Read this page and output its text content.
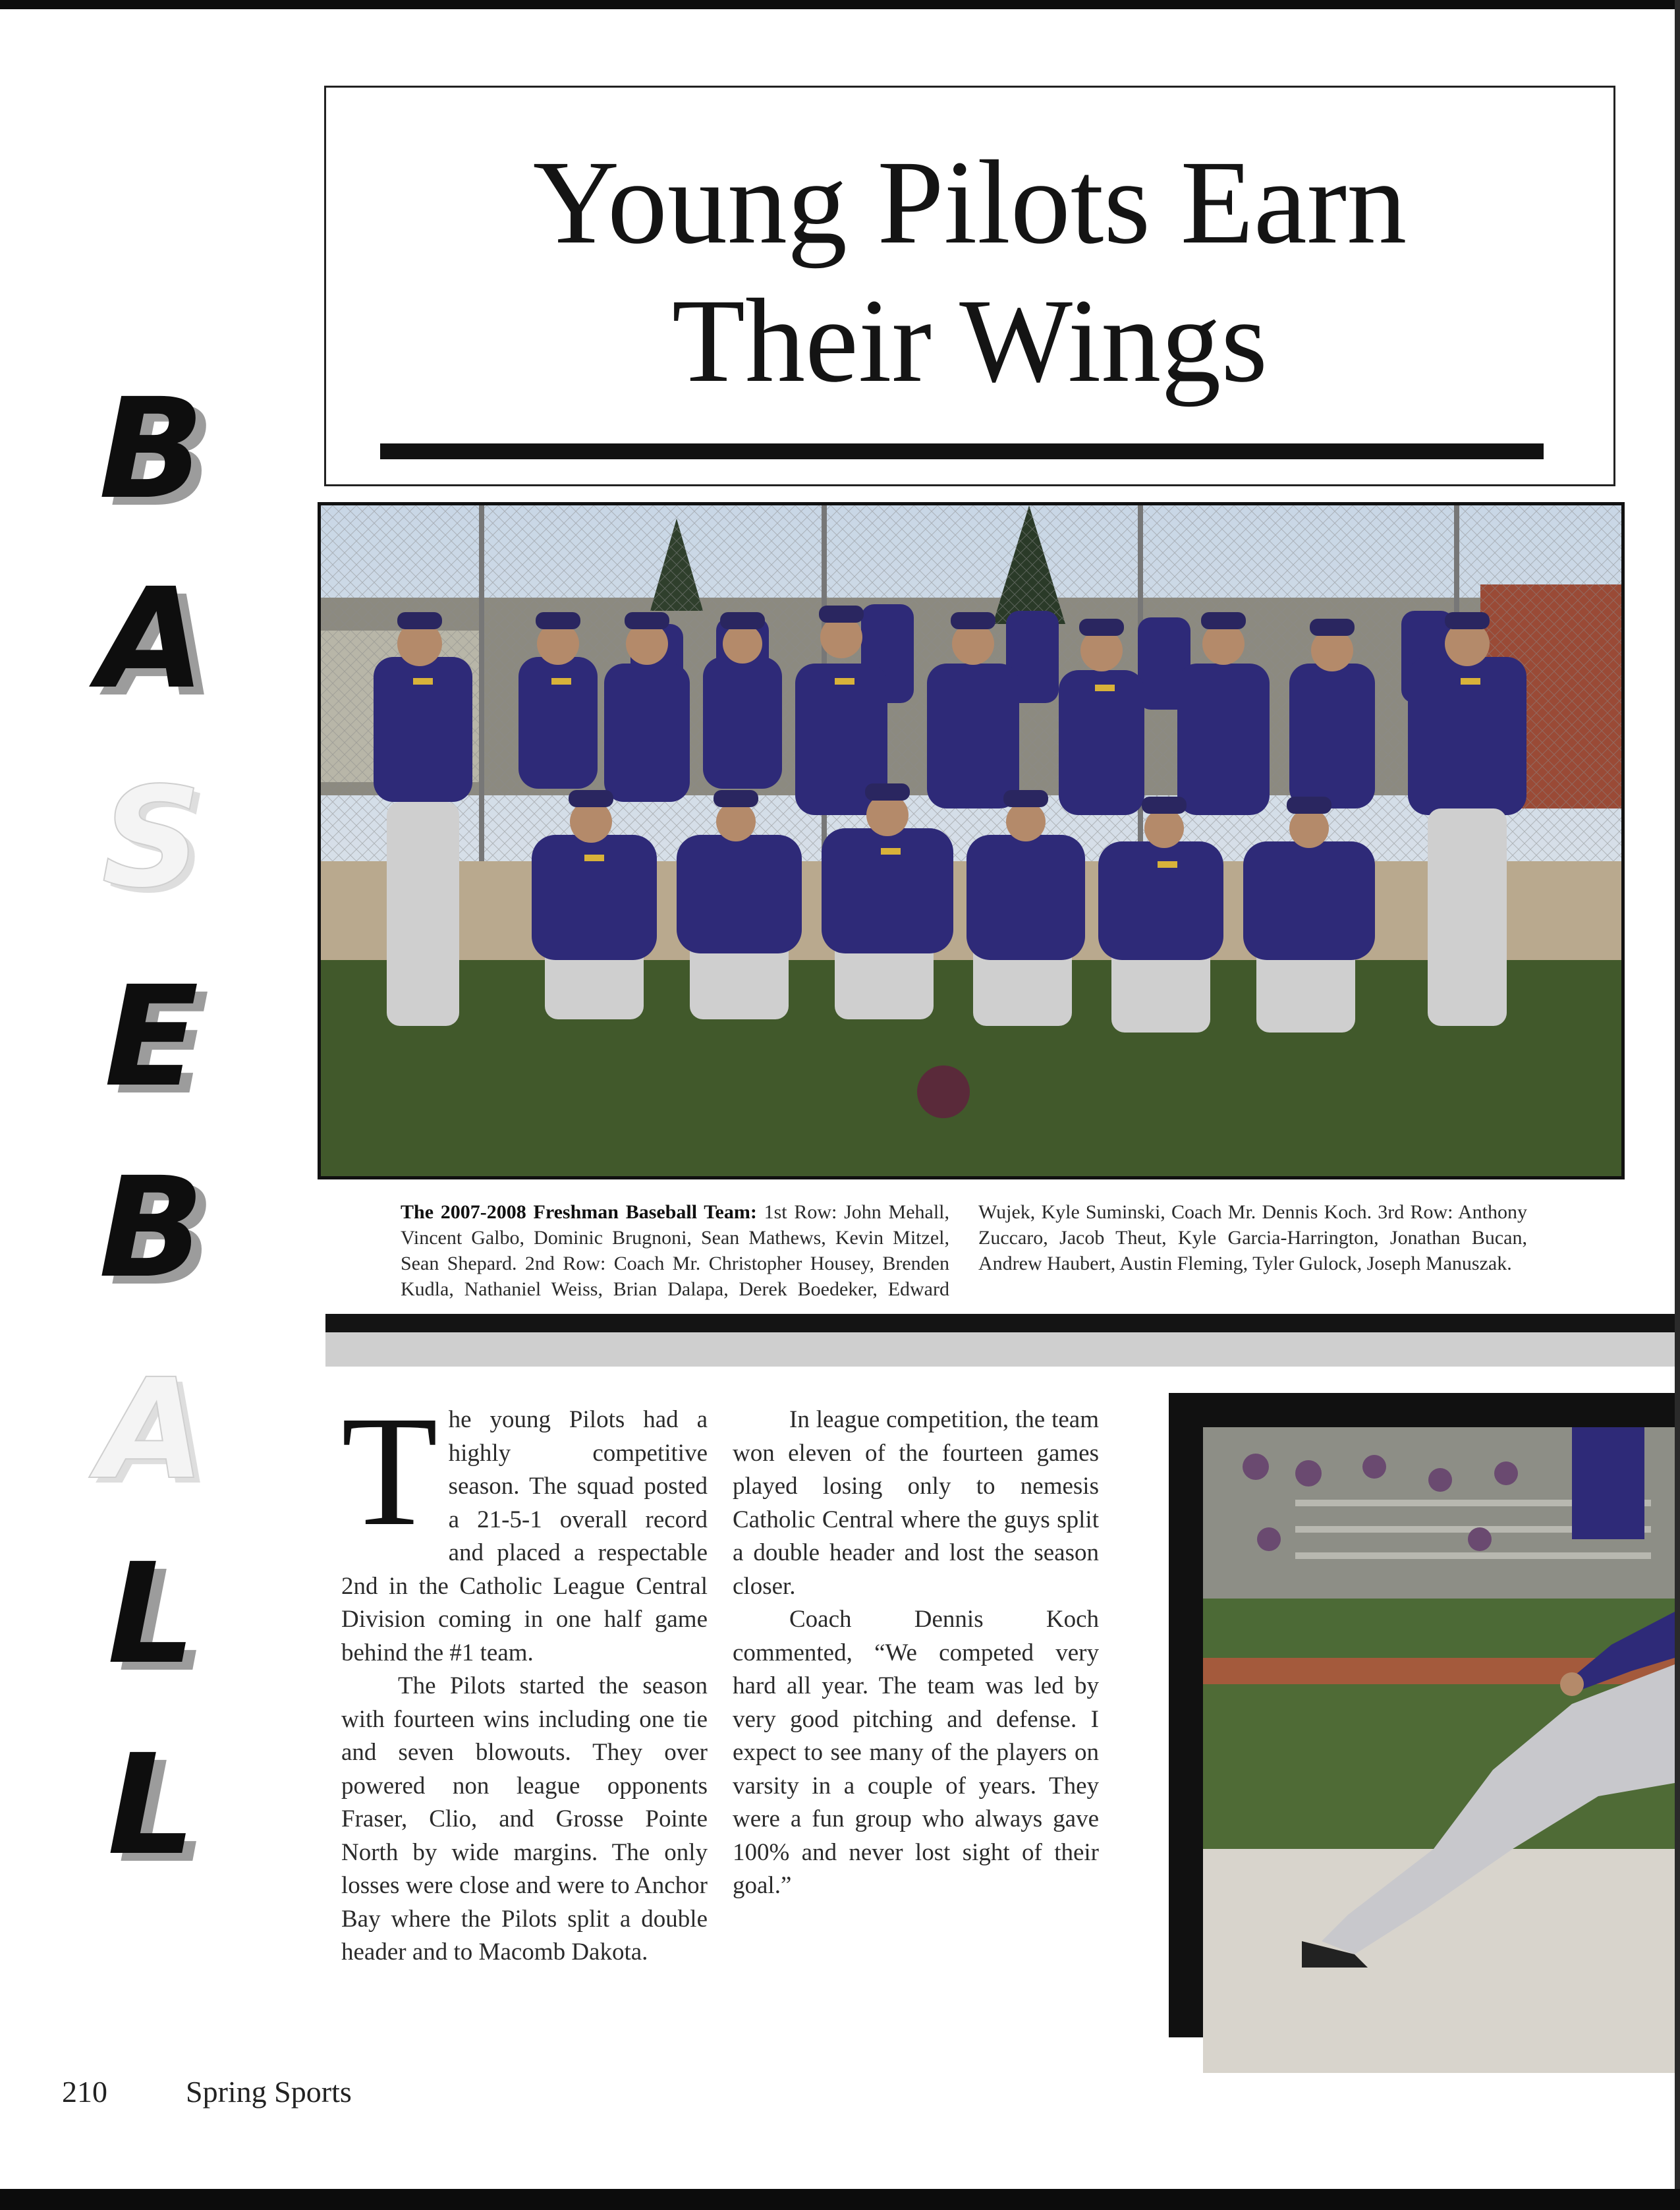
Young Pilots Earn
Their Wings
B
A
S
E
B
A
L
L
The 2007-2008 Freshman Baseball Team: 1st Row: John Mehall, Vincent Galbo, Dominic Brugnoni, Sean Mathews, Kevin Mitzel, Sean Shepard. 2nd Row: Coach Mr. Christopher Housey, Brenden Kudla, Nathaniel Weiss, Brian Dalapa, Derek Boedeker, Edward Wujek, Kyle Suminski, Coach Mr. Dennis Koch. 3rd Row: Anthony Zuccaro, Jacob Theut, Kyle Garcia-Harrington, Jonathan Bucan, Andrew Haubert, Austin Fleming, Tyler Gulock, Joseph Manuszak.
T he young Pilots had a highly competitive season. The squad posted a 21-5-1 overall record and placed a respectable 2nd in the Catholic League Central Division coming in one half game behind the #1 team.

The Pilots started the season with fourteen wins including one tie and seven blowouts. They over powered non league opponents Fraser, Clio, and Grosse Pointe North by wide margins. The only losses were close and were to Anchor Bay where the Pilots split a double header and to Macomb Dakota.

In league competition, the team won eleven of the fourteen games played losing only to nemesis Catholic Central where the guys split a double header and lost the season closer.

Coach Dennis Koch commented, “We competed very hard all year. The team was led by very good pitching and defense. I expect to see many of the players on varsity in a couple of years. They were a fun group who always gave 100% and never lost sight of their goal.”

210	Spring Sports
